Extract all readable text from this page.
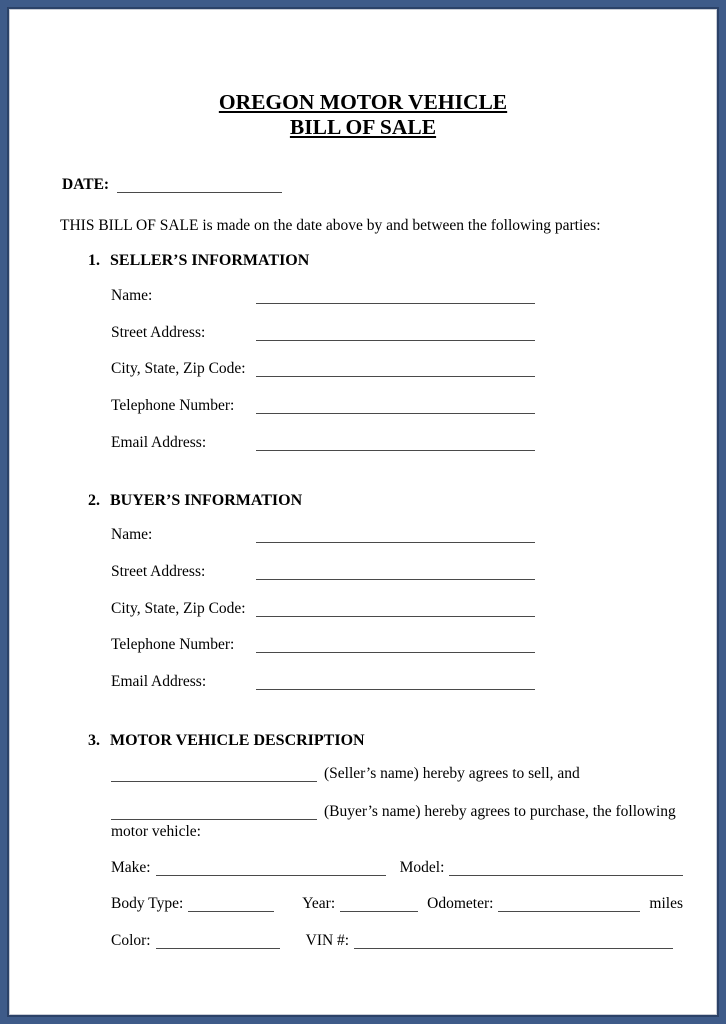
OREGON MOTOR VEHICLE
BILL OF SALE
DATE:
THIS BILL OF SALE is made on the date above by and between the following parties:
1. SELLER’S INFORMATION
Name:
Street Address:
City, State, Zip Code:
Telephone Number:
Email Address:
2. BUYER’S INFORMATION
Name:
Street Address:
City, State, Zip Code:
Telephone Number:
Email Address:
3. MOTOR VEHICLE DESCRIPTION
(Seller’s name) hereby agrees to sell, and
(Buyer’s name) hereby agrees to purchase, the following
motor vehicle:
Make:	Model:
Body Type:	Year:	Odometer:	miles
Color:	VIN #:
